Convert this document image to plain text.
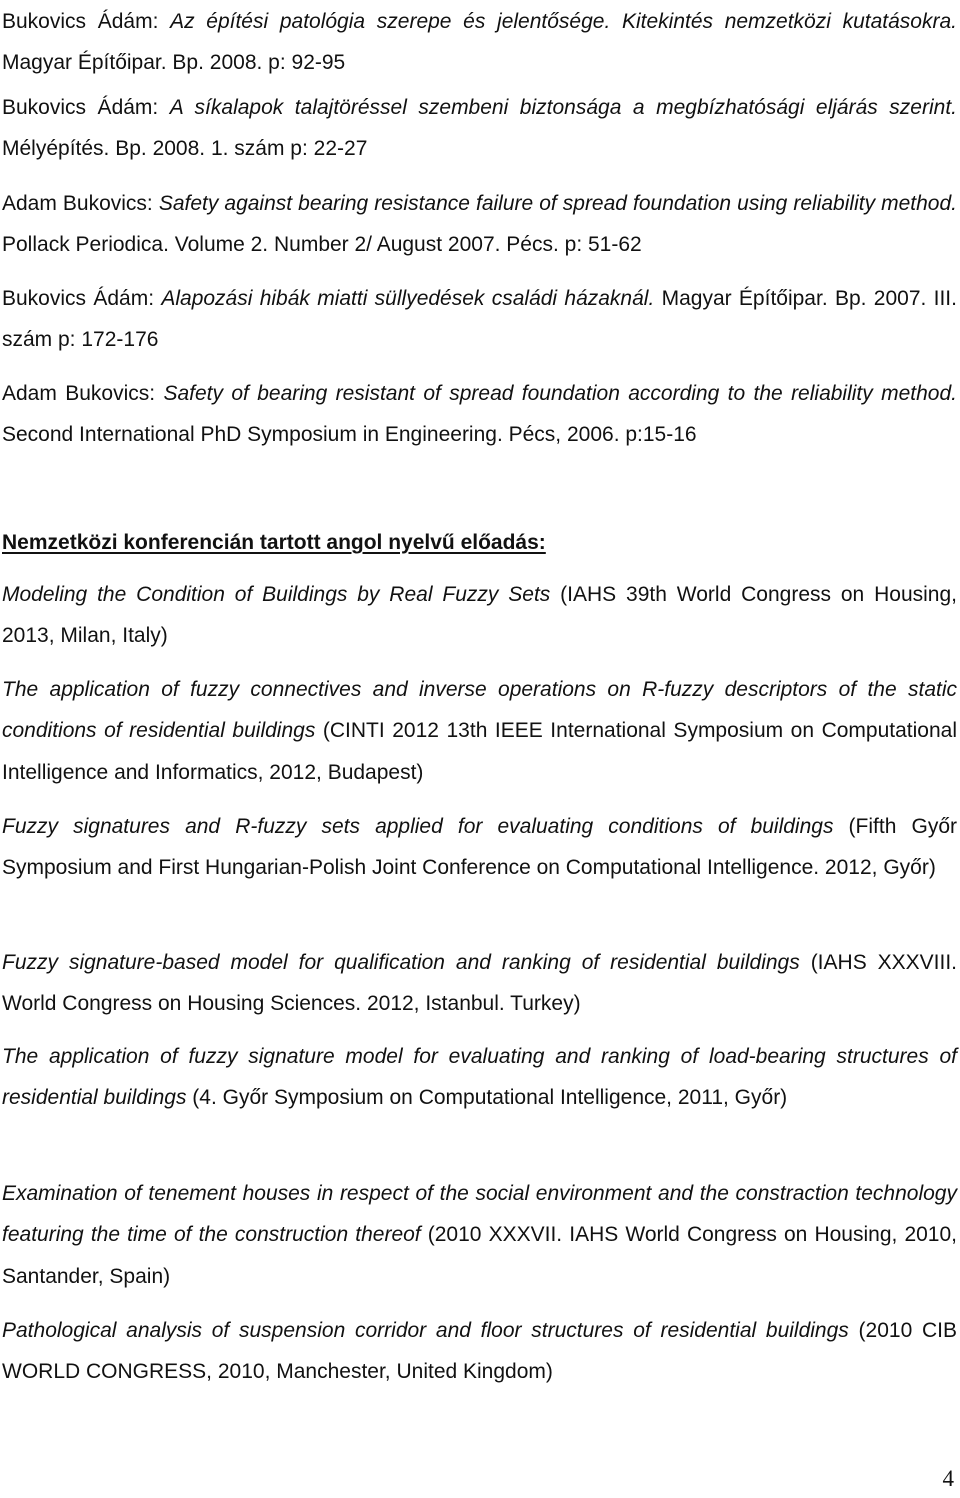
Bukovics Ádám: Az építési patológia szerepe és jelentősége. Kitekintés nemzetközi kutatásokra. Magyar Építőipar. Bp. 2008. p: 92-95

Bukovics Ádám: A síkalapok talajtöréssel szembeni biztonsága a megbízhatósági eljárás szerint. Mélyépítés. Bp. 2008. 1. szám p: 22-27

Adam Bukovics: Safety against bearing resistance failure of spread foundation using reliability method. Pollack Periodica. Volume 2. Number 2/ August 2007. Pécs. p: 51-62

Bukovics Ádám: Alapozási hibák miatti süllyedések családi házaknál. Magyar Építőipar. Bp. 2007. III. szám p: 172-176

Adam Bukovics: Safety of bearing resistant of spread foundation according to the reliability method. Second International PhD Symposium in Engineering. Pécs, 2006. p:15-16

Nemzetközi konferencián tartott angol nyelvű előadás:

Modeling the Condition of Buildings by Real Fuzzy Sets (IAHS 39th World Congress on Housing, 2013, Milan, Italy)

The application of fuzzy connectives and inverse operations on R-fuzzy descriptors of the static conditions of residential buildings (CINTI 2012 13th IEEE International Symposium on Computational Intelligence and Informatics, 2012, Budapest)

Fuzzy signatures and R-fuzzy sets applied for evaluating conditions of buildings (Fifth Győr Symposium and First Hungarian-Polish Joint Conference on Computational Intelligence. 2012, Győr)

Fuzzy signature-based model for qualification and ranking of residential buildings (IAHS XXXVIII. World Congress on Housing Sciences. 2012, Istanbul. Turkey)

The application of fuzzy signature model for evaluating and ranking of load-bearing structures of residential buildings (4. Győr Symposium on Computational Intelligence, 2011, Győr)

Examination of tenement houses in respect of the social environment and the constraction technology featuring the time of the construction thereof (2010 XXXVII. IAHS World Congress on Housing, 2010, Santander, Spain)

Pathological analysis of suspension corridor and floor structures of residential buildings (2010 CIB WORLD CONGRESS, 2010, Manchester, United Kingdom)

4
